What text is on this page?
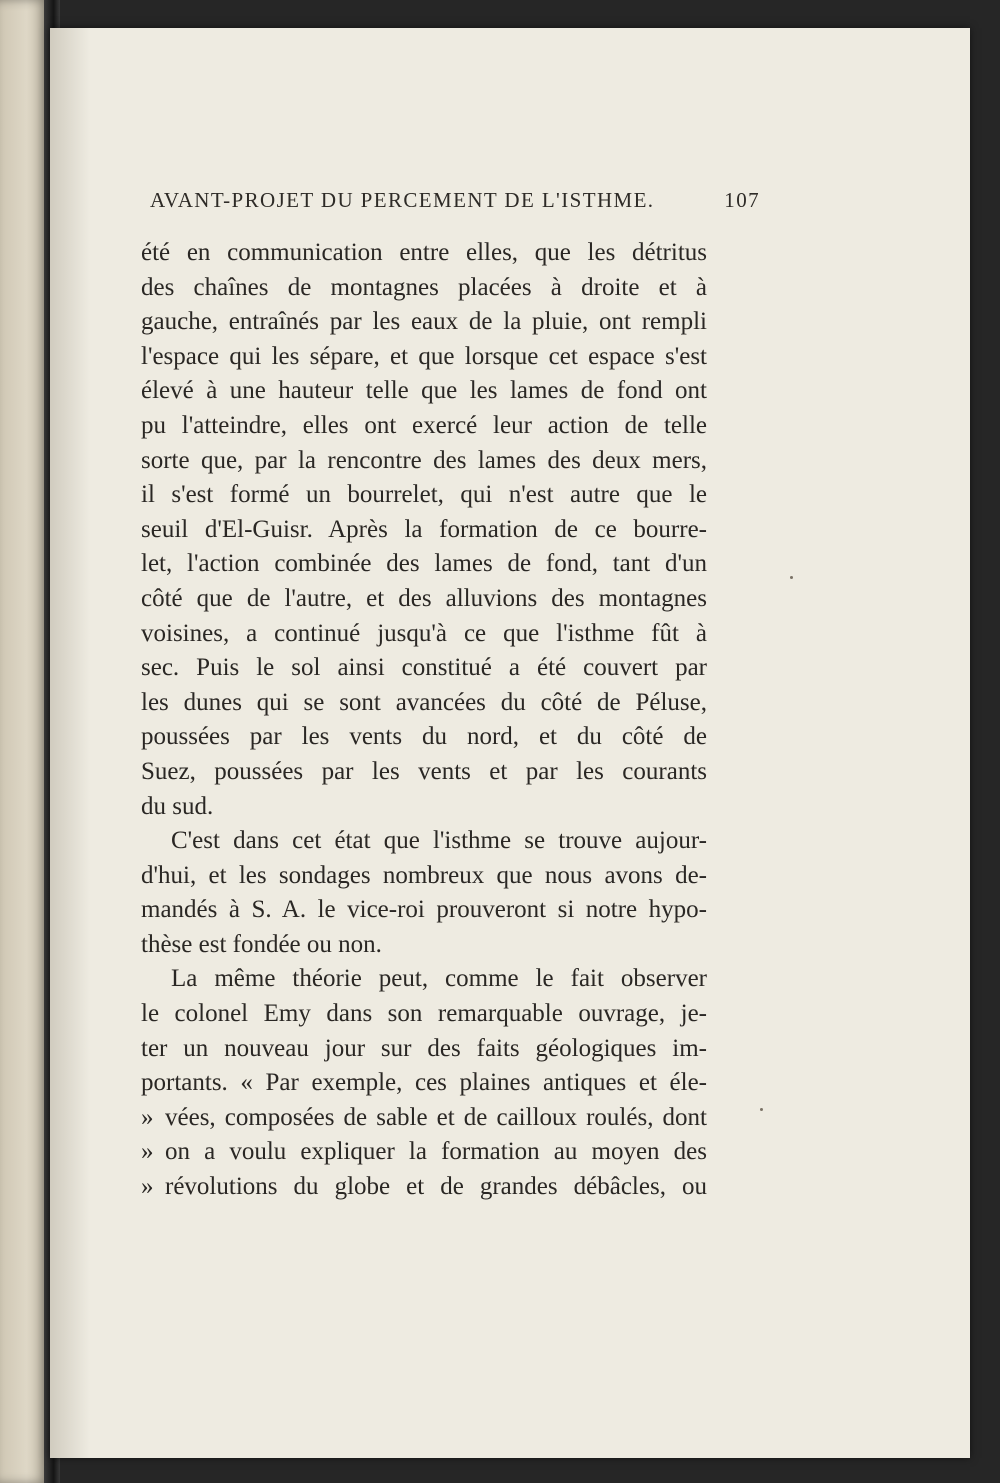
AVANT-PROJET DU PERCEMENT DE L'ISTHME.	107
été en communication entre elles, que les détritus
des chaînes de montagnes placées à droite et à
gauche, entraînés par les eaux de la pluie, ont rempli
l'espace qui les sépare, et que lorsque cet espace s'est
élevé à une hauteur telle que les lames de fond ont
pu l'atteindre, elles ont exercé leur action de telle
sorte que, par la rencontre des lames des deux mers,
il s'est formé un bourrelet, qui n'est autre que le
seuil d'El-Guisr. Après la formation de ce bourre-
let, l'action combinée des lames de fond, tant d'un
côté que de l'autre, et des alluvions des montagnes
voisines, a continué jusqu'à ce que l'isthme fût à
sec. Puis le sol ainsi constitué a été couvert par
les dunes qui se sont avancées du côté de Péluse,
poussées par les vents du nord, et du côté de
Suez, poussées par les vents et par les courants
du sud.
C'est dans cet état que l'isthme se trouve aujour-
d'hui, et les sondages nombreux que nous avons de-
mandés à S. A. le vice-roi prouveront si notre hypo-
thèse est fondée ou non.
La même théorie peut, comme le fait observer
le colonel Emy dans son remarquable ouvrage, je-
ter un nouveau jour sur des faits géologiques im-
portants. « Par exemple, ces plaines antiques et éle-
» vées, composées de sable et de cailloux roulés, dont
» on a voulu expliquer la formation au moyen des
» révolutions du globe et de grandes débâcles, ou
